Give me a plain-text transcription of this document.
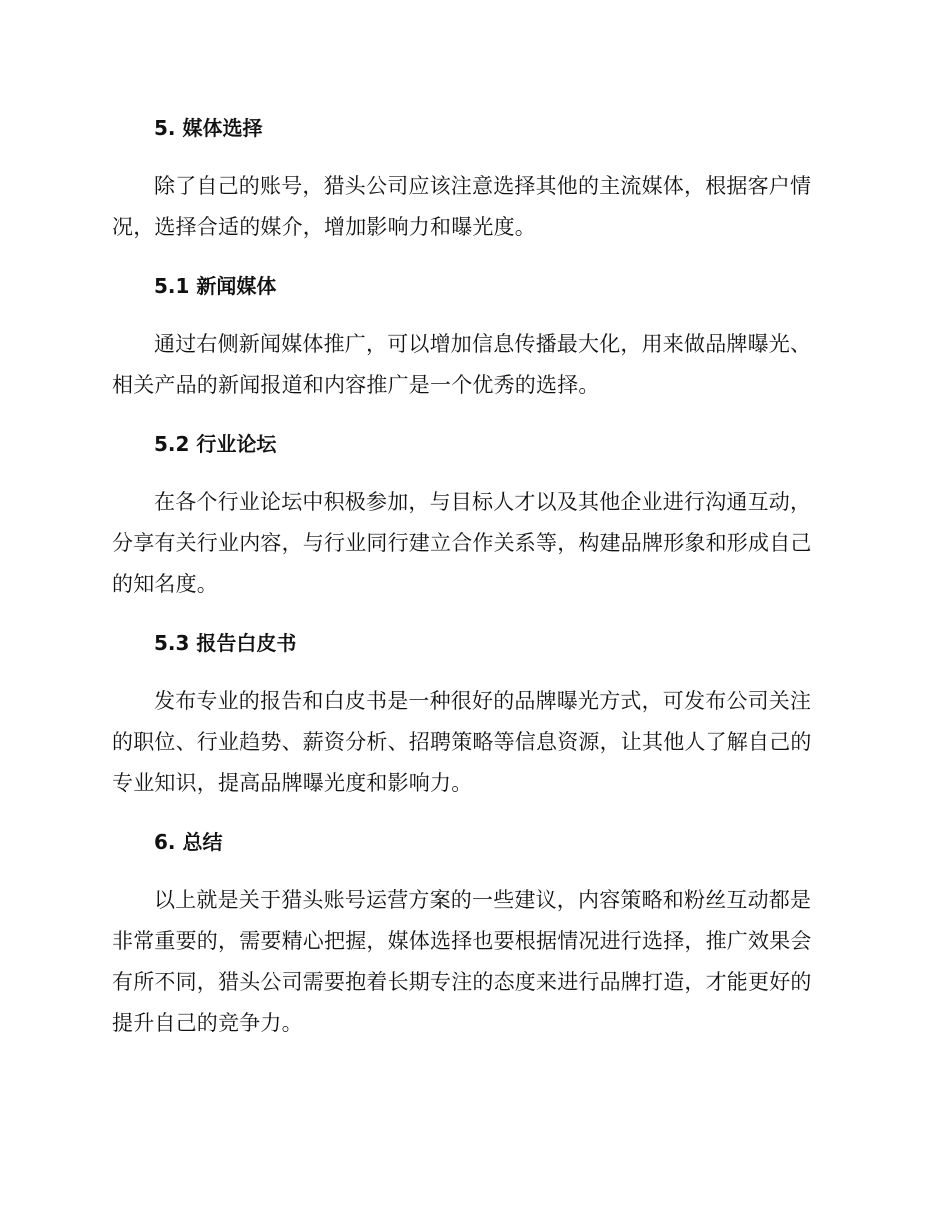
5. 媒体选择

除了自己的账号，猎头公司应该注意选择其他的主流媒体，根据客户情况，选择合适的媒介，增加影响力和曝光度。

5.1 新闻媒体

通过右侧新闻媒体推广，可以增加信息传播最大化，用来做品牌曝光、相关产品的新闻报道和内容推广是一个优秀的选择。

5.2 行业论坛

在各个行业论坛中积极参加，与目标人才以及其他企业进行沟通互动，分享有关行业内容，与行业同行建立合作关系等，构建品牌形象和形成自己的知名度。

5.3 报告白皮书

发布专业的报告和白皮书是一种很好的品牌曝光方式，可发布公司关注的职位、行业趋势、薪资分析、招聘策略等信息资源，让其他人了解自己的专业知识，提高品牌曝光度和影响力。

6. 总结

以上就是关于猎头账号运营方案的一些建议，内容策略和粉丝互动都是非常重要的，需要精心把握，媒体选择也要根据情况进行选择，推广效果会有所不同，猎头公司需要抱着长期专注的态度来进行品牌打造，才能更好的提升自己的竞争力。
